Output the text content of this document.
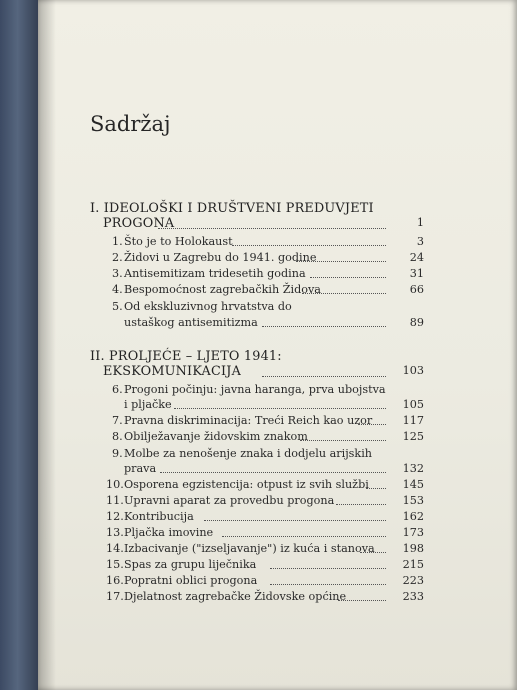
Sadržaj
I. IDEOLOŠKI I DRUŠTVENI PREDUVJETI
PROGONA	1
1. Što je to Holokaust	3
2. Židovi u Zagrebu do 1941. godine	24
3. Antisemitizam tridesetih godina	31
4. Bespomoćnost zagrebačkih Židova	66
5. Od ekskluzivnog hrvatstva do
ustaškog antisemitizma	89
II. PROLJEĆE – LJETO 1941:
EKSKOMUNIKACIJA	103
6. Progoni počinju: javna haranga, prva ubojstva
i pljačke	105
7. Pravna diskriminacija: Treći Reich kao uzor	117
8. Obilježavanje židovskim znakom	125
9. Molbe za nenošenje znaka i dodjelu arijskih
prava	132
10. Osporena egzistencija: otpust iz svih službi	145
11. Upravni aparat za provedbu progona	153
12. Kontribucija	162
13. Pljačka imovine	173
14. Izbacivanje ("izseljavanje") iz kuća i stanova	198
15. Spas za grupu liječnika	215
16. Popratni oblici progona	223
17. Djelatnost zagrebačke Židovske općine	233
